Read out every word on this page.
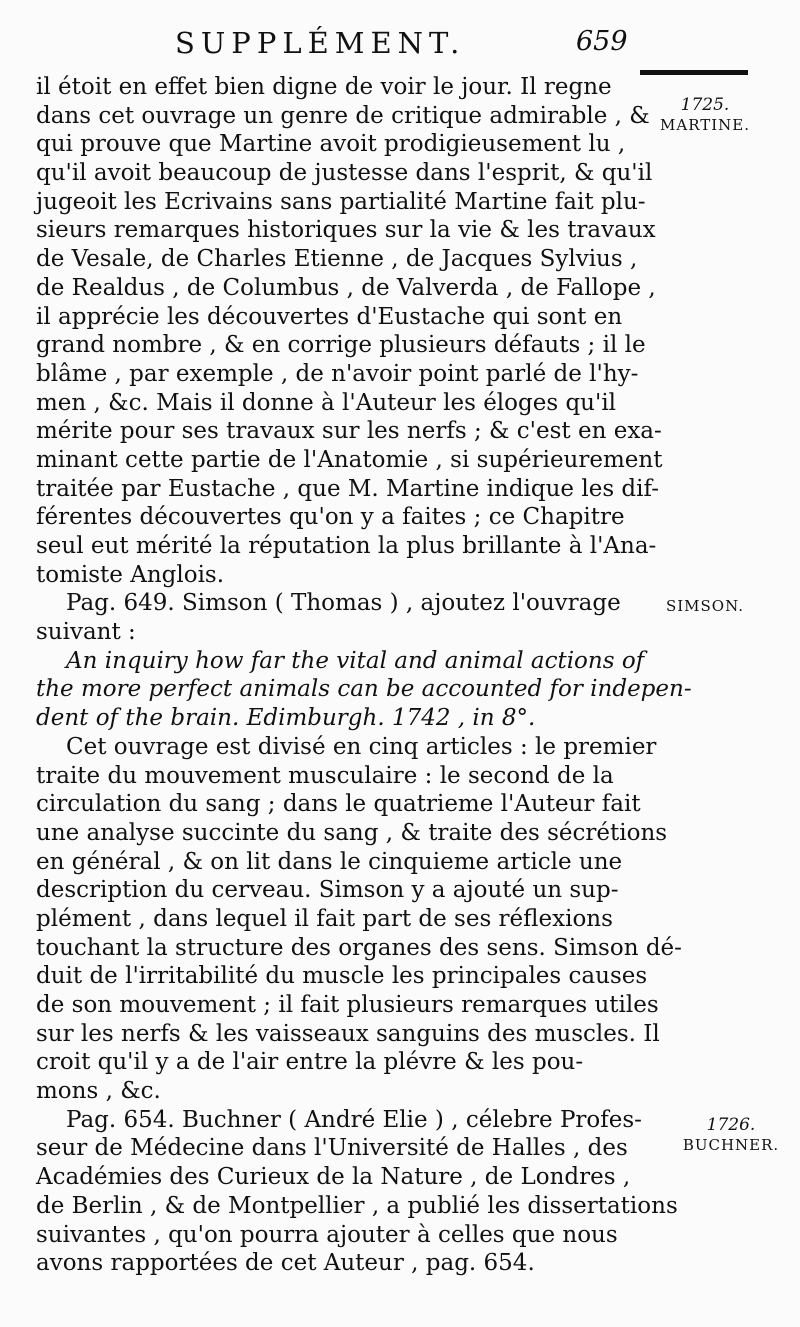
SUPPLÉMENT.	659
1725.
MARTINE.
SIMSON.
1726.
BUCHNER.
il étoit en effet bien digne de voir le jour. Il regne
dans cet ouvrage un genre de critique admirable , &
qui prouve que Martine avoit prodigieusement lu ,
qu'il avoit beaucoup de justesse dans l'esprit, & qu'il
jugeoit les Ecrivains sans partialité Martine fait plu-
sieurs remarques historiques sur la vie & les travaux
de Vesale, de Charles Etienne , de Jacques Sylvius ,
de Realdus , de Columbus , de Valverda , de Fallope ,
il apprécie les découvertes d'Eustache qui sont en
grand nombre , & en corrige plusieurs défauts ; il le
blâme , par exemple , de n'avoir point parlé de l'hy-
men , &c. Mais il donne à l'Auteur les éloges qu'il
mérite pour ses travaux sur les nerfs ; & c'est en exa-
minant cette partie de l'Anatomie , si supérieurement
traitée par Eustache , que M. Martine indique les dif-
férentes découvertes qu'on y a faites ; ce Chapitre
seul eut mérité la réputation la plus brillante à l'Ana-
tomiste Anglois.
Pag. 649. Simson ( Thomas ) , ajoutez l'ouvrage
suivant :
An inquiry how far the vital and animal actions of
the more perfect animals can be accounted for indepen-
dent of the brain. Edimburgh. 1742 , in 8°.
Cet ouvrage est divisé en cinq articles : le premier
traite du mouvement musculaire : le second de la
circulation du sang ; dans le quatrieme l'Auteur fait
une analyse succinte du sang , & traite des sécrétions
en général , & on lit dans le cinquieme article une
description du cerveau. Simson y a ajouté un sup-
plément , dans lequel il fait part de ses réflexions
touchant la structure des organes des sens. Simson dé-
duit de l'irritabilité du muscle les principales causes
de son mouvement ; il fait plusieurs remarques utiles
sur les nerfs & les vaisseaux sanguins des muscles. Il
croit qu'il y a de l'air entre la plévre & les pou-
mons , &c.
Pag. 654. Buchner ( André Elie ) , célebre Profes-
seur de Médecine dans l'Université de Halles , des
Académies des Curieux de la Nature , de Londres ,
de Berlin , & de Montpellier , a publié les dissertations
suivantes , qu'on pourra ajouter à celles que nous
avons rapportées de cet Auteur , pag. 654.
